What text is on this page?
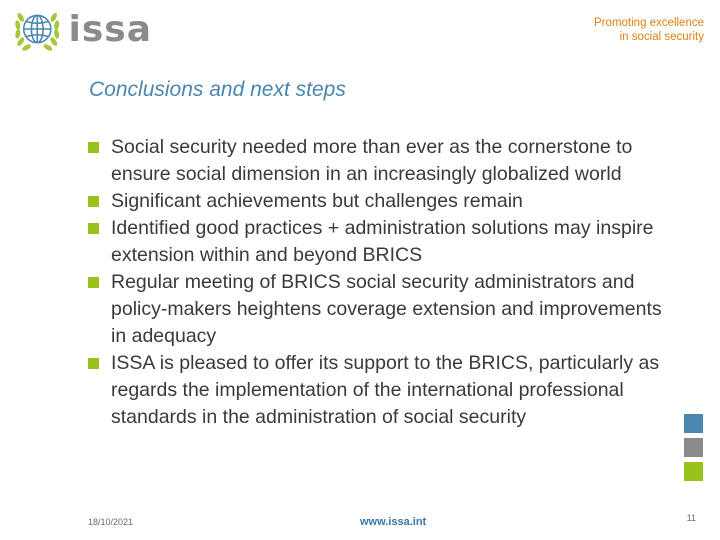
issa	Promoting excellence
in social security
Conclusions and next steps
Social security needed more than ever as the cornerstone to ensure social dimension in an increasingly globalized world
Significant achievements but challenges remain
Identified good practices + administration solutions may inspire extension within and beyond BRICS
Regular meeting of BRICS social security administrators and policy-makers heightens coverage extension and improvements in adequacy
ISSA is pleased to offer its support to the BRICS, particularly as regards the implementation of the international professional standards in the administration of social security
18/10/2021	www.issa.int	11
